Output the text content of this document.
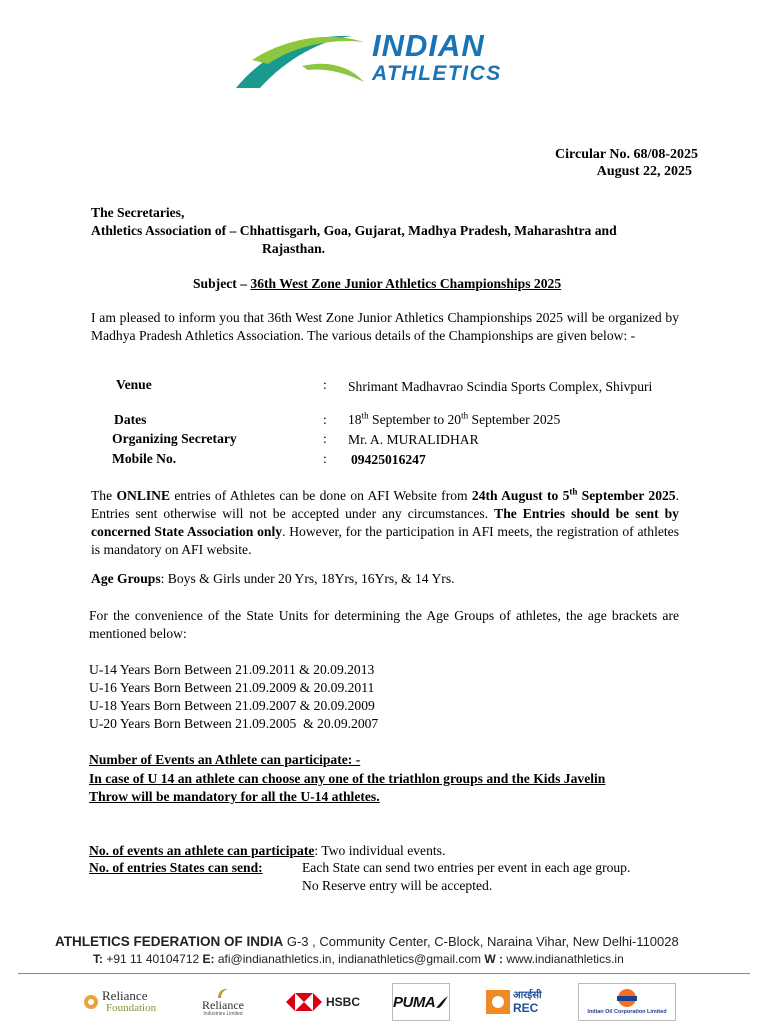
INDIAN
ATHLETICS
Circular No. 68/08-2025
August 22, 2025
The Secretaries,
Athletics Association of – Chhattisgarh, Goa, Gujarat, Madhya Pradesh, Maharashtra and
Rajasthan.
Subject – 36th West Zone Junior Athletics Championships 2025

I am pleased to inform you that 36th West Zone Junior Athletics Championships 2025 will be organized by Madhya Pradesh Athletics Association. The various details of the Championships are given below: -

Venue	: Shrimant Madhavrao Scindia Sports Complex, Shivpuri
Dates	: 18th September to 20th September 2025
Organizing Secretary	: Mr. A. MURALIDHAR
Mobile No.	: 09425016247

The ONLINE entries of Athletes can be done on AFI Website from 24th August to 5th September 2025. Entries sent otherwise will not be accepted under any circumstances. The Entries should be sent by concerned State Association only. However, for the participation in AFI meets, the registration of athletes is mandatory on AFI website.

Age Groups: Boys & Girls under 20 Yrs, 18Yrs, 16Yrs, & 14 Yrs.

For the convenience of the State Units for determining the Age Groups of athletes, the age brackets are mentioned below:

U-14 Years Born Between 21.09.2011 & 20.09.2013
U-16 Years Born Between 21.09.2009 & 20.09.2011
U-18 Years Born Between 21.09.2007 & 20.09.2009
U-20 Years Born Between 21.09.2005  & 20.09.2007
Number of Events an Athlete can participate: -
In case of U 14 an athlete can choose any one of the triathlon groups and the Kids Javelin
Throw will be mandatory for all the U-14 athletes.
No. of events an athlete can participate: Two individual events.
No. of entries States can send:	Each State can send two entries per event in each age group.
No Reserve entry will be accepted.
ATHLETICS FEDERATION OF INDIA G-3 , Community Center, C-Block, Naraina Vihar, New Delhi-110028
T: +91 11 40104712 E: afi@indianathletics.in, indianathletics@gmail.com W : www.indianathletics.in
Reliance
Foundation	Reliance
Industries Limited
HSBC PUMA	आरईसी
REC	Indian Oil Corporation Limited
